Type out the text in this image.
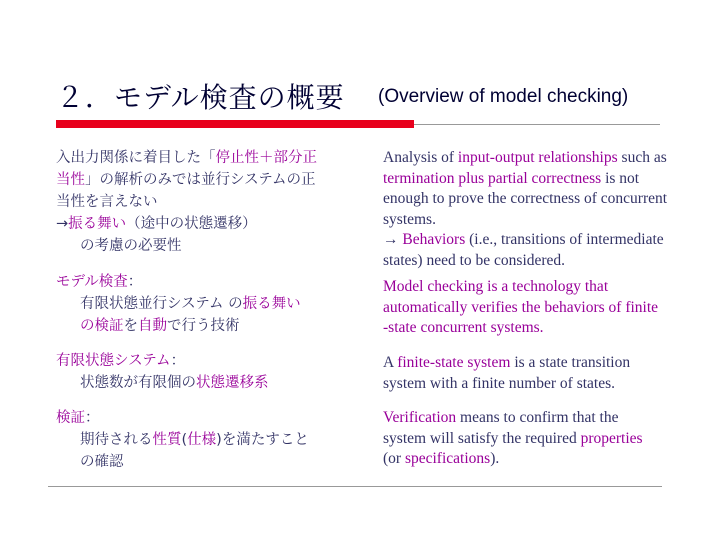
２．モデル検査の概要 (Overview of model checking)
入出力関係に着目した「停止性＋部分正
当性」の解析のみでは並行システムの正
当性を言えない
→振る舞い（途中の状態遷移）
の考慮の必要性
Analysis of input-output relationships such as
termination plus partial correctness is not
enough to prove the correctness of concurrent
systems.
→ Behaviors (i.e., transitions of intermediate
states) need to be considered.
モデル検査：
有限状態並行システム の振る舞い
の検証を自動で行う技術
Model checking is a technology that
automatically verifies the behaviors of finite
-state concurrent systems.
有限状態システム：
状態数が有限個の状態遷移系
A finite-state system is a state transition
system with a finite number of states.
検証：
期待される性質(仕様)を満たすこと
の確認
Verification means to confirm that the
system will satisfy the required properties
(or specifications).
